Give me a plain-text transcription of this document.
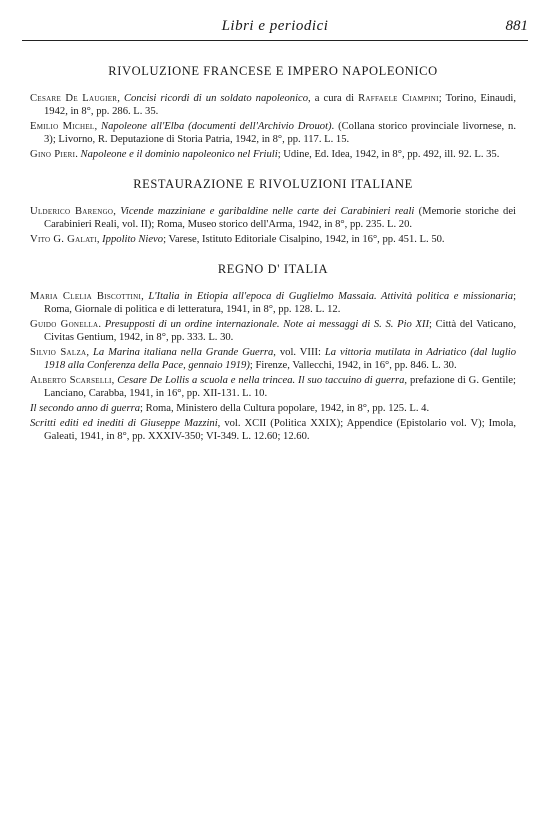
Libri e periodici	881
RIVOLUZIONE FRANCESE E IMPERO NAPOLEONICO

Cesare De Laugier, Concisi ricordi di un soldato napoleonico, a cura di Raffaele Ciampini; Torino, Einaudi, 1942, in 8°, pp. 286. L. 35.

Emilio Michel, Napoleone all'Elba (documenti dell'Archivio Drouot). (Collana storico provinciale livornese, n. 3); Livorno, R. Deputazione di Storia Patria, 1942, in 8°, pp. 117. L. 15.

Gino Pieri. Napoleone e il dominio napoleonico nel Friuli; Udine, Ed. Idea, 1942, in 8°, pp. 492, ill. 92. L. 35.

RESTAURAZIONE E RIVOLUZIONI ITALIANE

Ulderico Barengo, Vicende mazziniane e garibaldine nelle carte dei Carabinieri reali (Memorie storiche dei Carabinieri Reali, vol. II); Roma, Museo storico dell'Arma, 1942, in 8°, pp. 235. L. 20.

Vito G. Galati, Ippolito Nievo; Varese, Istituto Editoriale Cisalpino, 1942, in 16°, pp. 451. L. 50.

REGNO D' ITALIA

Maria Clelia Biscottini, L'Italia in Etiopia all'epoca di Guglielmo Massaia. Attività politica e missionaria; Roma, Giornale di politica e di letteratura, 1941, in 8°, pp. 128. L. 12.

Guido Gonella. Presupposti di un ordine internazionale. Note ai messaggi di S. S. Pio XII; Città del Vaticano, Civitas Gentium, 1942, in 8°, pp. 333. L. 30.

Silvio Salza, La Marina italiana nella Grande Guerra, vol. VIII: La vittoria mutilata in Adriatico (dal luglio 1918 alla Conferenza della Pace, gennaio 1919); Firenze, Vallecchi, 1942, in 16°, pp. 846. L. 30.

Alberto Scarselli, Cesare De Lollis a scuola e nella trincea. Il suo taccuino di guerra, prefazione di G. Gentile; Lanciano, Carabba, 1941, in 16°, pp. XII-131. L. 10.

Il secondo anno di guerra; Roma, Ministero della Cultura popolare, 1942, in 8°, pp. 125. L. 4.

Scritti editi ed inediti di Giuseppe Mazzini, vol. XCII (Politica XXIX); Appendice (Epistolario vol. V); Imola, Galeati, 1941, in 8°, pp. XXXIV-350; VI-349. L. 12.60; 12.60.
